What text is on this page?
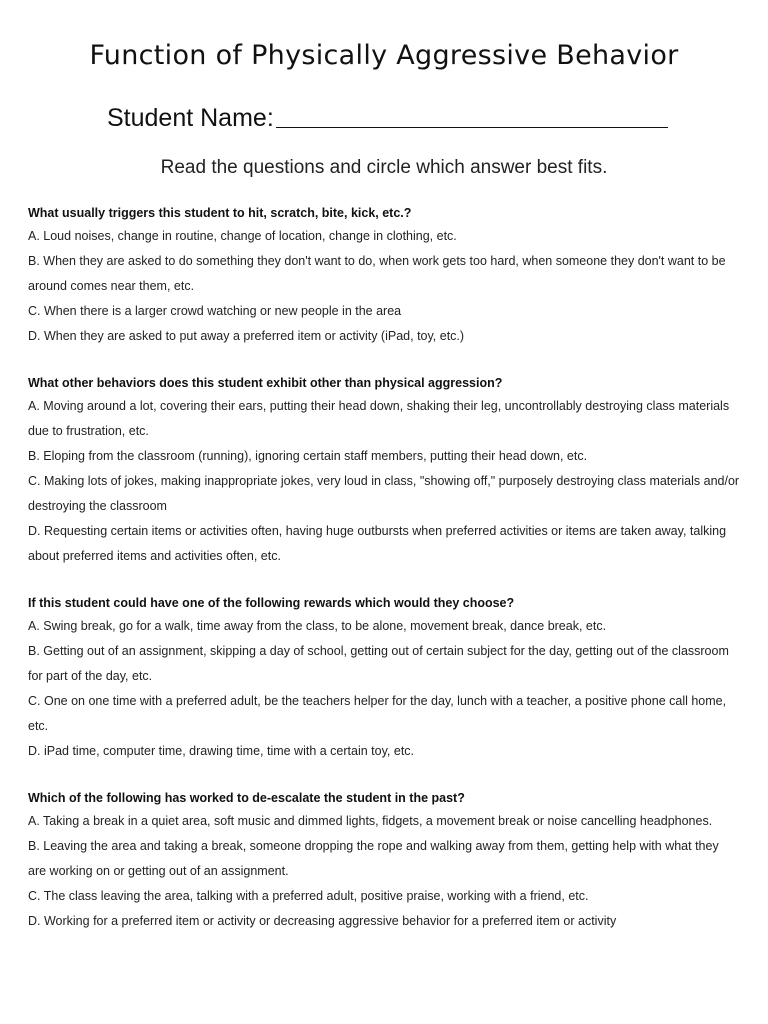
Function of Physically Aggressive Behavior
Student Name:
Read the questions and circle which answer best fits.

What usually triggers this student to hit, scratch, bite, kick, etc.?

A. Loud noises, change in routine, change of location, change in clothing, etc.

B. When they are asked to do something they don't want to do, when work gets too hard, when someone they don't want to be around comes near them, etc.

C. When there is a larger crowd watching or new people in the area

D. When they are asked to put away a preferred item or activity (iPad, toy, etc.)

What other behaviors does this student exhibit other than physical aggression?

A. Moving around a lot, covering their ears, putting their head down, shaking their leg, uncontrollably destroying class materials due to frustration, etc.

B. Eloping from the classroom (running), ignoring certain staff members, putting their head down, etc.

C. Making lots of jokes, making inappropriate jokes, very loud in class, "showing off," purposely destroying class materials and/or destroying the classroom

D. Requesting certain items or activities often, having huge outbursts when preferred activities or items are taken away, talking about preferred items and activities often, etc.

If this student could have one of the following rewards which would they choose?

A. Swing break, go for a walk, time away from the class, to be alone, movement break, dance break, etc.

B. Getting out of an assignment, skipping a day of school, getting out of certain subject for the day, getting out of the classroom for part of the day, etc.

C. One on one time with a preferred adult, be the teachers helper for the day, lunch with a teacher, a positive phone call home, etc.

D. iPad time, computer time, drawing time, time with a certain toy, etc.

Which of the following has worked to de-escalate the student in the past?

A. Taking a break in a quiet area, soft music and dimmed lights, fidgets, a movement break or noise cancelling headphones.

B. Leaving the area and taking a break, someone dropping the rope and walking away from them, getting help with what they are working on or getting out of an assignment.

C. The class leaving the area, talking with a preferred adult, positive praise, working with a friend, etc.

D. Working for a preferred item or activity or decreasing aggressive behavior for a preferred item or activity
